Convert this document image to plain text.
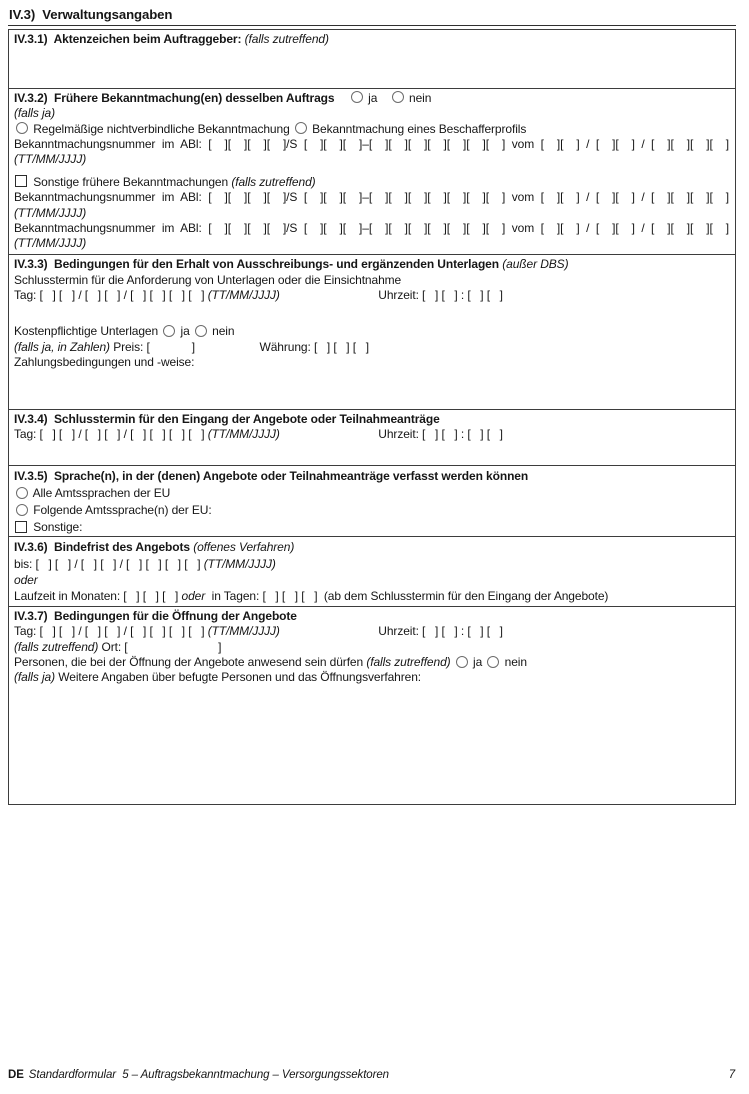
IV.3)  Verwaltungsangaben
IV.3.1)  Aktenzeichen beim Auftraggeber: (falls zutreffend)
IV.3.2)  Frühere Bekanntmachung(en) desselben Auftrags	ja	nein
(falls ja)
Regelmäßige nichtverbindliche Bekanntmachung Bekanntmachung eines Beschafferprofils
Bekanntmachungsnummer im ABl: [  ][  ][  ][  ]/S [  ][  ][  ]–[  ][  ][  ][  ][  ][  ][  ] vom [  ][  ] / [  ][  ] / [  ][  ][  ][  ]
(TT/MM/JJJJ)
Sonstige frühere Bekanntmachungen (falls zutreffend)
Bekanntmachungsnummer im ABl: [  ][  ][  ][  ]/S [  ][  ][  ]–[  ][  ][  ][  ][  ][  ][  ] vom [  ][  ] / [  ][  ] / [  ][  ][  ][  ]
(TT/MM/JJJJ)
Bekanntmachungsnummer im ABl: [  ][  ][  ][  ]/S [  ][  ][  ]–[  ][  ][  ][  ][  ][  ][  ] vom [  ][  ] / [  ][  ] / [  ][  ][  ][  ]
(TT/MM/JJJJ)
IV.3.3)  Bedingungen für den Erhalt von Ausschreibungs- und ergänzenden Unterlagen (außer DBS)
Schlusstermin für die Anforderung von Unterlagen oder die Einsichtnahme
Tag: [   ] [   ] / [   ] [   ] / [   ] [   ] [   ] [   ] (TT/MM/JJJJ)	Uhrzeit: [   ] [   ] : [   ] [   ]
Kostenpflichtige Unterlagen ja nein
(falls ja, in Zahlen) Preis: [             ]	Währung: [   ] [   ] [   ]
Zahlungsbedingungen und -weise:
IV.3.4)  Schlusstermin für den Eingang der Angebote oder Teilnahmeanträge
Tag: [   ] [   ] / [   ] [   ] / [   ] [   ] [   ] [   ] (TT/MM/JJJJ)	Uhrzeit: [   ] [   ] : [   ] [   ]
IV.3.5)  Sprache(n), in der (denen) Angebote oder Teilnahmeanträge verfasst werden können
Alle Amtssprachen der EU
Folgende Amtssprache(n) der EU:
Sonstige:
IV.3.6)  Bindefrist des Angebots (offenes Verfahren)
bis: [   ] [   ] / [   ] [   ] / [   ] [   ] [   ] [   ] (TT/MM/JJJJ)
oder
Laufzeit in Monaten: [   ] [   ] [   ] oder  in Tagen: [   ] [   ] [   ]  (ab dem Schlusstermin für den Eingang der Angebote)
IV.3.7)  Bedingungen für die Öffnung der Angebote
Tag: [   ] [   ] / [   ] [   ] / [   ] [   ] [   ] [   ] (TT/MM/JJJJ)	Uhrzeit: [   ] [   ] : [   ] [   ]
(falls zutreffend) Ort: [                            ]
Personen, die bei der Öffnung der Angebote anwesend sein dürfen (falls zutreffend) ja nein
(falls ja) Weitere Angaben über befugte Personen und das Öffnungsverfahren:
DE Standardformular  5 – Auftragsbekanntmachung – Versorgungssektoren	7
